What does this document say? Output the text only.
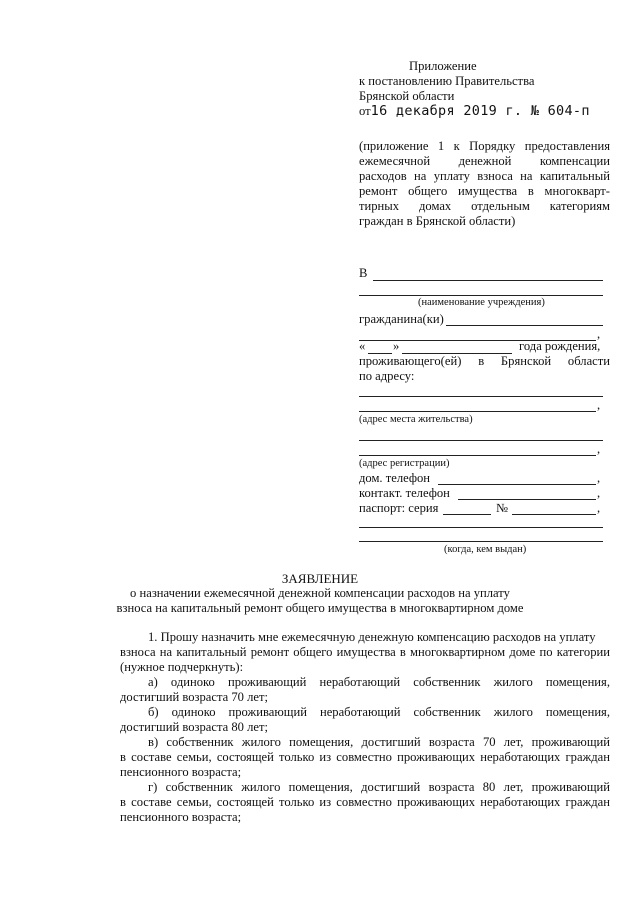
Приложение
к постановлению Правительства
Брянской области
от16 декабря 2019 г. № 604-п
(приложение 1 к Порядку предоставления
ежемесячной денежной компенсации
расходов на уплату взноса на капитальный
ремонт общего имущества в многокварт-
тирных домах отдельным категориям
граждан в Брянской области)
В
(наименование учреждения)
гражданина(ки)
,
« »	года рождения,
проживающего(ей) в Брянской области
по адресу:
,
(адрес места жительства)
,
(адрес регистрации)
дом. телефон	,
контакт. телефон	,
паспорт: серия	№	,
(когда, кем выдан)
ЗАЯВЛЕНИЕ
о назначении ежемесячной денежной компенсации расходов на уплату
взноса на капитальный ремонт общего имущества в многоквартирном доме
1. Прошу назначить мне ежемесячную денежную компенсацию расходов на уплату
взноса на капитальный ремонт общего имущества в многоквартирном доме по категории
(нужное подчеркнуть):
а) одиноко проживающий неработающий собственник жилого помещения,
достигший возраста 70 лет;
б) одиноко проживающий неработающий собственник жилого помещения,
достигший возраста 80 лет;
в) собственник жилого помещения, достигший возраста 70 лет, проживающий
в составе семьи, состоящей только из совместно проживающих неработающих граждан
пенсионного возраста;
г) собственник жилого помещения, достигший возраста 80 лет, проживающий
в составе семьи, состоящей только из совместно проживающих неработающих граждан
пенсионного возраста;
